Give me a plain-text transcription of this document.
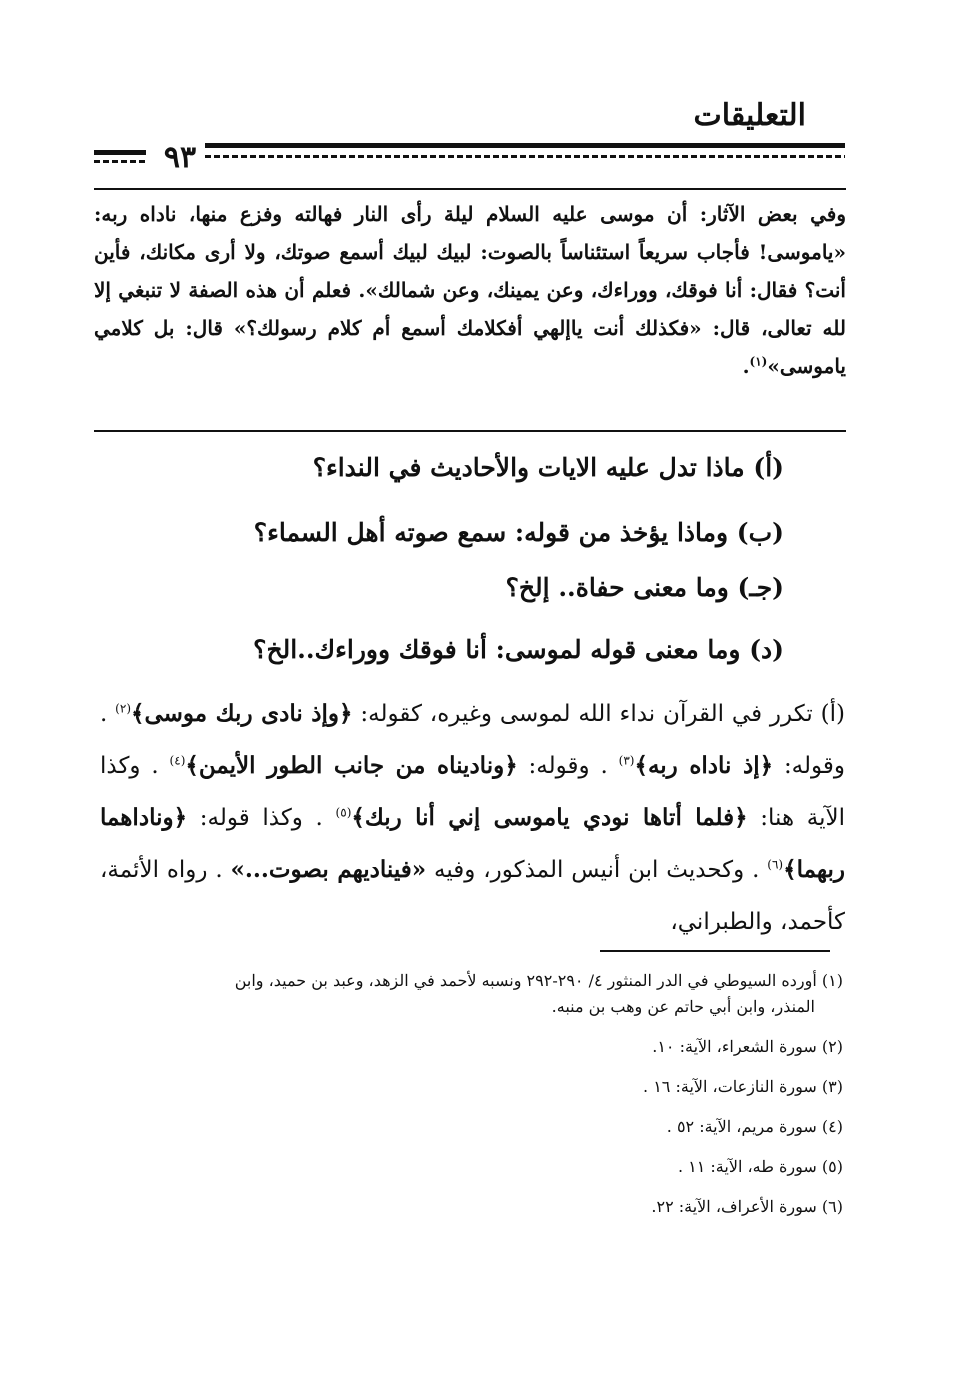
التعليقات
٩٣
وفي بعض الآثار: أن موسى عليه السلام ليلة رأى النار فهالته وفزع منها، ناداه ربه: «ياموسى! فأجاب سريعاً استئناساً بالصوت: لبيك لبيك أسمع صوتك، ولا أرى مكانك، فأين أنت؟ فقال: أنا فوقك، ووراءك، وعن يمينك، وعن شمالك». فعلم أن هذه الصفة لا تنبغي إلا لله تعالى، قال: «فكذلك أنت ياإلهي أفكلامك أسمع أم كلام رسولك؟» قال: بل كلامي ياموسى»$^{(١)}$.
(أ) ماذا تدل عليه الايات والأحاديث في النداء؟
(ب) وماذا يؤخذ من قوله: سمع صوته أهل السماء؟
(جـ) وما معنى حفاة.. إلخ؟
(د) وما معنى قوله لموسى: أنا فوقك ووراءك..الخ؟
(أ) تكرر في القرآن نداء الله لموسى وغيره، كقوله: ﴿وإذ نادى ربك موسى﴾$^{(٢)}$ . وقوله: ﴿إذ ناداه ربه﴾$^{(٣)}$ . وقوله: ﴿وناديناه من جانب الطور الأيمن﴾$^{(٤)}$ . وكذا الآية هنا: ﴿فلما أتاها نودي ياموسى إني أنا ربك﴾$^{(٥)}$ . وكذا قوله: ﴿وناداهما ربهما﴾$^{(٦)}$ . وكحديث ابن أنيس المذكور، وفيه «فيناديهم بصوت...» . رواه الأئمة، كأحمد، والطبراني،
(١) أورده السيوطي في الدر المنثور ٤/ ٢٩٠-٢٩٢ ونسبه لأحمد في الزهد، وعبد بن حميد، وابن
المنذر، وابن أبي حاتم عن وهب بن منبه.
(٢) سورة الشعراء، الآية: ١٠.
(٣) سورة النازعات، الآية: ١٦ .
(٤) سورة مريم، الآية: ٥٢ .
(٥) سورة طه، الآية: ١١ .
(٦) سورة الأعراف، الآية: ٢٢.
